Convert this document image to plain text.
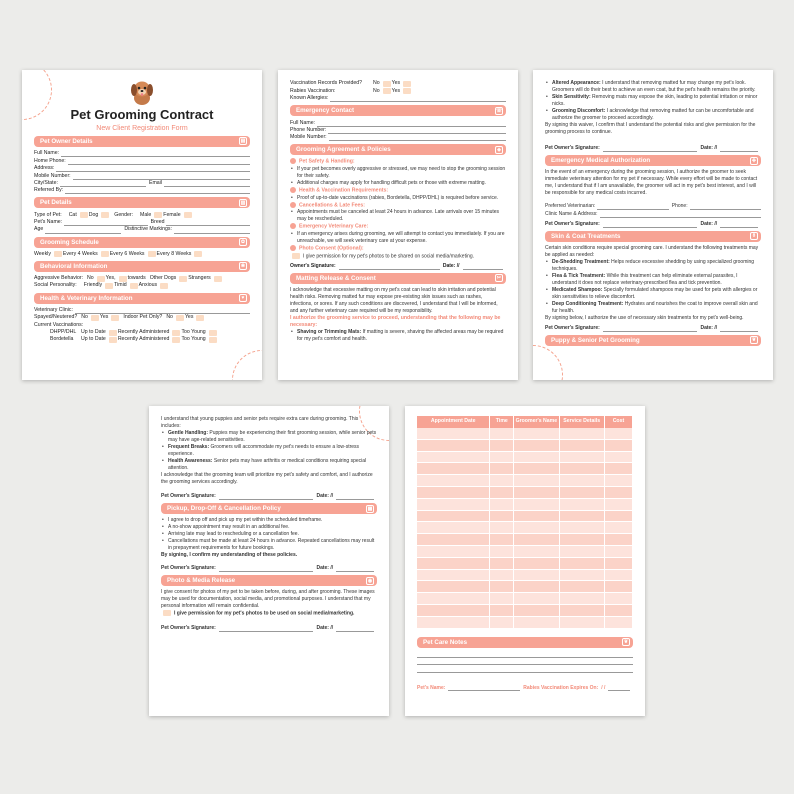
Pet Grooming Contract
New Client Registration Form
Pet Owner Details	▤
Full Name:
Home Phone:
Address:
Mobile Number:
City/State:	Email
Referred By:
Pet Details	▥
Type of Pet: Cat Dog	Gender: Male Female
Pet's Name:	Breed
Age	Distinctive Markings:
Grooming Schedule	✿
Weekly Every 4 Weeks Every 6 Weeks Every 8 Weeks
Behavioral Information	❀
Aggressive Behavior: No Yes, towards Other Dogs Strangers
Social Personality: Friendly Timid Anxious
Health & Veterinary Information	♥
Veterinary Clinic:
Spayed/Neutered? No Yes	Indoor Pet Only? No Yes
Current Vaccinations:
DHPP/DHL Up to Date Recently Administered Too Young
Bordetella	Up to Date Recently Administered Too Young
Vaccination Records Provided?	No Yes
Rabies Vaccination:	No Yes
Known Allergies:
Emergency Contact	☏
Full Name:
Phone Number:
Mobile Number:
Grooming Agreement & Policies	◈
Pet Safety & Handling:
• If your pet becomes overly aggressive or stressed, we may need to stop the grooming session for their safety.
• Additional charges may apply for handling difficult pets or those with extreme matting.
Health & Vaccination Requirements:
• Proof of up-to-date vaccinations (rabies, Bordetella, DHPP/DHL) is required before service.
Cancellations & Late Fees:
• Appointments must be canceled at least 24 hours in advance. Late arrivals over 15 minutes may be rescheduled.
Emergency Veterinary Care:
• If an emergency arises during grooming, we will attempt to contact you immediately. If you are unreachable, we will seek veterinary care at your expense.
Photo Consent (Optional):
I give permission for my pet's photos to be shared on social media/marketing.
Owner's Signature:	Date: //
Matting Release & Consent	✂
I acknowledge that excessive matting on my pet's coat can lead to skin irritation and potential health risks. Removing matted fur may expose pre-existing skin issues such as rashes, infections, or sores. If any such conditions are discovered, I understand that I will be informed, and any further veterinary care required will be my responsibility.
I authorize the grooming service to proceed, understanding that the following may be necessary:
• Shaving or Trimming Mats: If matting is severe, shaving the affected areas may be required for my pet's comfort and health.
• Altered Appearance: I understand that removing matted fur may change my pet's look. Groomers will do their best to achieve an even coat, but the pet's health remains the priority.
• Skin Sensitivity: Removing mats may expose the skin, leading to potential irritation or minor nicks.
• Grooming Discomfort: I acknowledge that removing matted fur can be uncomfortable and authorize the groomer to proceed accordingly.
By signing this waiver, I confirm that I understand the potential risks and give permission for the grooming process to continue.
Pet Owner's Signature:	Date: //
Emergency Medical Authorization	✚
In the event of an emergency during the grooming session, I authorize the groomer to seek immediate veterinary attention for my pet if necessary. While every effort will be made to contact me, I understand that if I am unavailable, the groomer will act in my pet's best interest, and I will be responsible for any medical costs incurred.
Preferred Veterinarian:	Phone:
Clinic Name & Address:
Pet Owner's Signature:	Date: //
Skin & Coat Treatments	⚱
Certain skin conditions require special grooming care. I understand the following treatments may be applied as needed:
• De-Shedding Treatment: Helps reduce excessive shedding by using specialized grooming techniques.
• Flea & Tick Treatment: While this treatment can help eliminate external parasites, I understand it does not replace veterinary-prescribed flea and tick prevention.
• Medicated Shampoo: Specially formulated shampoos may be used for pets with allergies or skin sensitivities to relieve discomfort.
• Deep Conditioning Treatment: Hydrates and nourishes the coat to improve overall skin and fur health.
By signing below, I authorize the use of necessary skin treatments for my pet's well-being.
Pet Owner's Signature:	Date: //
Puppy & Senior Pet Grooming	❦
I understand that young puppies and senior pets require extra care during grooming. This includes:
• Gentle Handling: Puppies may be experiencing their first grooming session, while senior pets may have age-related sensitivities.
• Frequent Breaks: Groomers will accommodate my pet's needs to ensure a low-stress experience.
• Health Awareness: Senior pets may have arthritis or medical conditions requiring special attention.
I acknowledge that the grooming team will prioritize my pet's safety and comfort, and I authorize the grooming services accordingly.
Pet Owner's Signature:	Date: //
Pickup, Drop-Off & Cancellation Policy	▦
• I agree to drop off and pick up my pet within the scheduled timeframe.
• A no-show appointment may result in an additional fee.
• Arriving late may lead to rescheduling or a cancellation fee.
• Cancellations must be made at least 24 hours in advance. Repeated cancellations may result in prepayment requirements for future bookings.
By signing, I confirm my understanding of these policies.
Pet Owner's Signature:	Date: //
Photo & Media Release	◉
I give consent for photos of my pet to be taken before, during, and after grooming. These images may be used for documentation, social media, and promotional purposes. I understand that my personal information will remain confidential.
I give permission for my pet's photos to be used on social media/marketing.
Pet Owner's Signature:	Date: //
Appointment Date	Time	Groomer's Name	Service Details	Cost

Pet Care Notes	❦
Pet's Name:	Rabies Vaccination Expires On: / /
